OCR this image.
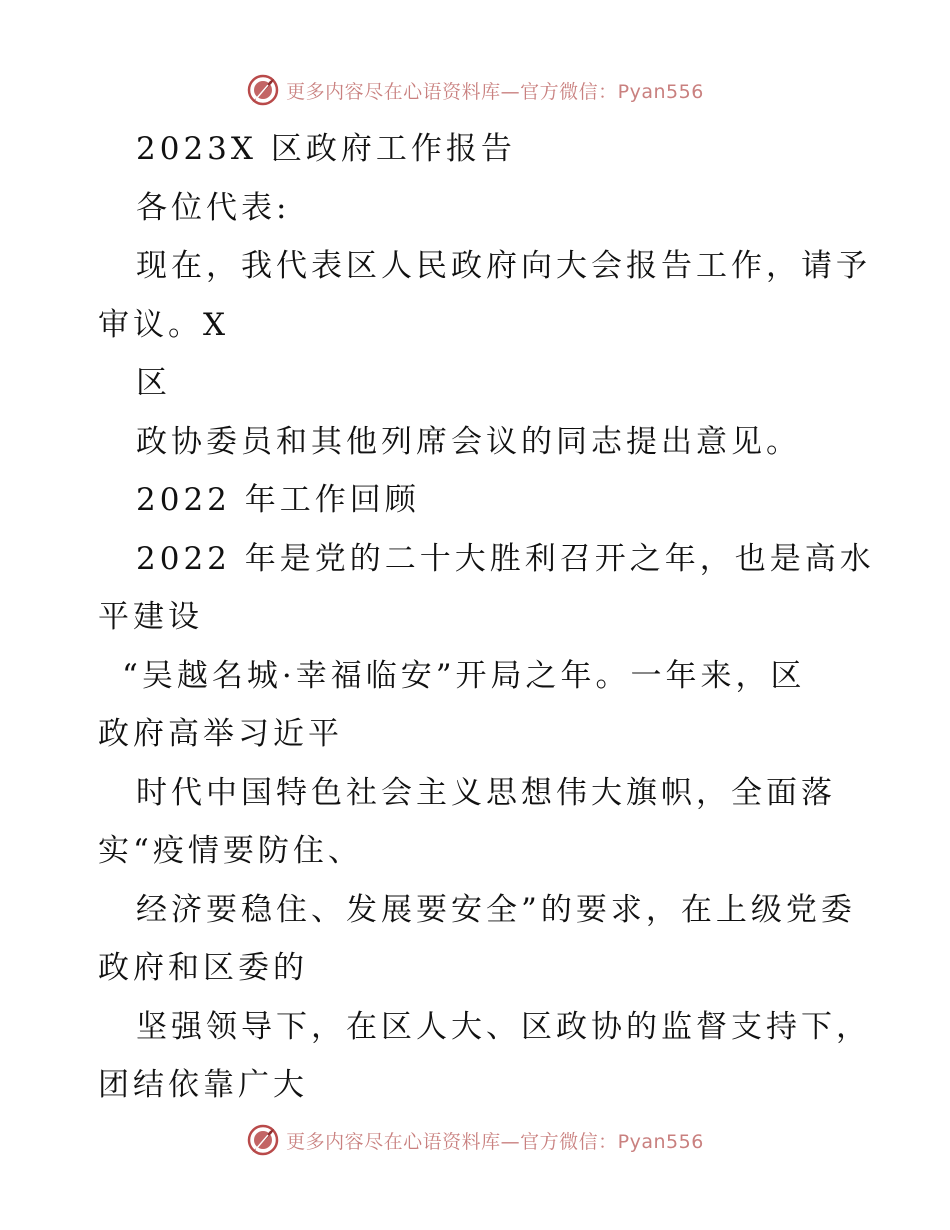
更多内容尽在心语资料库—官方微信：Pyan556
2023X 区政府工作报告
各位代表:
现在，我代表区人民政府向大会报告工作，请予
审议。X
区
政协委员和其他列席会议的同志提出意见。
2022 年工作回顾
2022 年是党的二十大胜利召开之年，也是高水
平建设
“吴越名城·幸福临安”开局之年。一年来，区
政府高举习近平
时代中国特色社会主义思想伟大旗帜，全面落
实“疫情要防住、
经济要稳住、发展要安全”的要求，在上级党委
政府和区委的
坚强领导下，在区人大、区政协的监督支持下，
团结依靠广大
更多内容尽在心语资料库—官方微信：Pyan556
